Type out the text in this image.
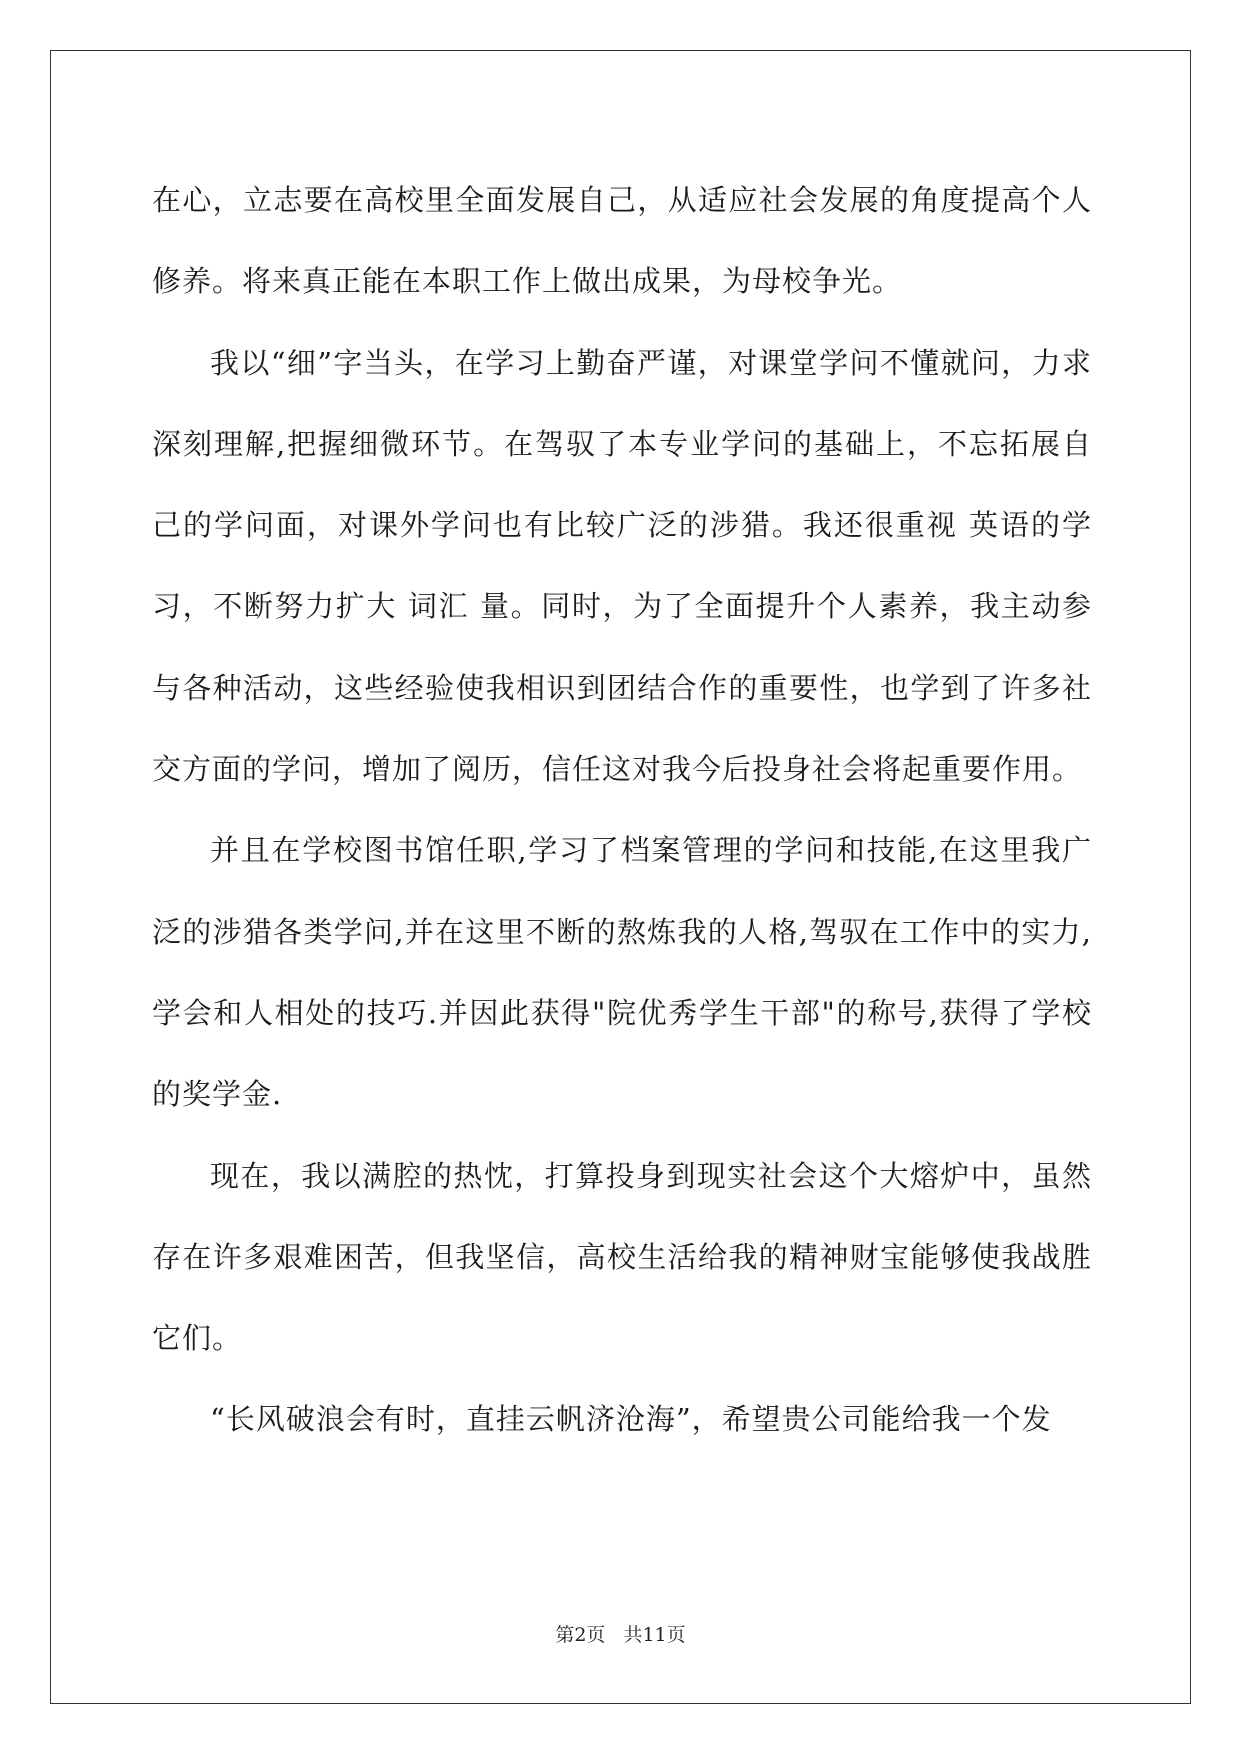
在心，立志要在高校里全面发展自己，从适应社会发展的角度提高个人修养。将来真正能在本职工作上做出成果，为母校争光。

我以“细”字当头，在学习上勤奋严谨，对课堂学问不懂就问，力求深刻理解,把握细微环节。在驾驭了本专业学问的基础上，不忘拓展自己的学问面，对课外学问也有比较广泛的涉猎。我还很重视 英语的学习，不断努力扩大 词汇 量。同时，为了全面提升个人素养，我主动参与各种活动，这些经验使我相识到团结合作的重要性，也学到了许多社交方面的学问，增加了阅历，信任这对我今后投身社会将起重要作用。

并且在学校图书馆任职,学习了档案管理的学问和技能,在这里我广泛的涉猎各类学问,并在这里不断的熬炼我的人格,驾驭在工作中的实力,学会和人相处的技巧.并因此获得"院优秀学生干部"的称号,获得了学校的奖学金.

现在，我以满腔的热忱，打算投身到现实社会这个大熔炉中，虽然存在许多艰难困苦，但我坚信，高校生活给我的精神财宝能够使我战胜它们。

“长风破浪会有时，直挂云帆济沧海”，希望贵公司能给我一个发

第2页 共11页
